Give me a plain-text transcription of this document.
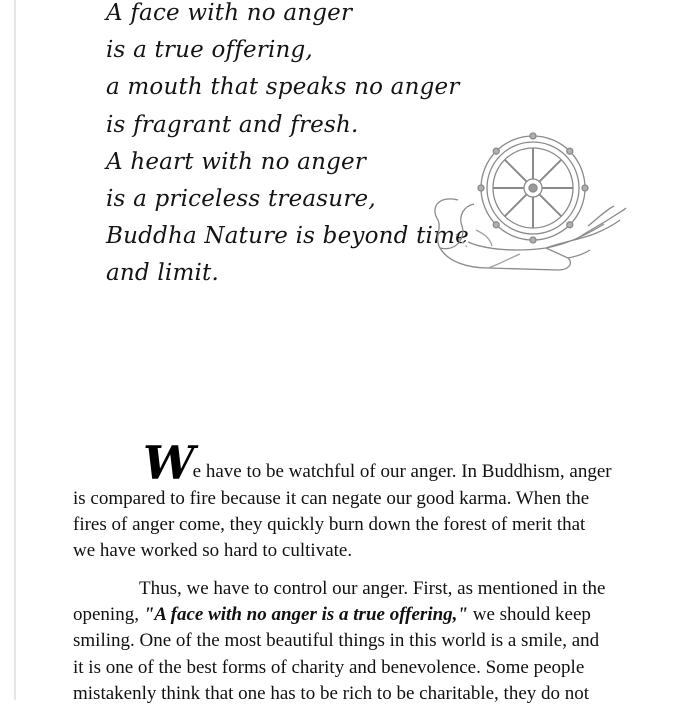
A face with no anger
is a true offering,
a mouth that speaks no anger
is fragrant and fresh.
A heart with no anger
is a priceless treasure,
Buddha Nature is beyond time
and limit.
We have to be watchful of our anger. In Buddhism, anger
is compared to fire because it can negate our good karma. When the
fires of anger come, they quickly burn down the forest of merit that
we have worked so hard to cultivate.
Thus, we have to control our anger. First, as mentioned in the
opening, "A face with no anger is a true offering," we should keep
smiling. One of the most beautiful things in this world is a smile, and
it is one of the best forms of charity and benevolence. Some people
mistakenly think that one has to be rich to be charitable, they do not
